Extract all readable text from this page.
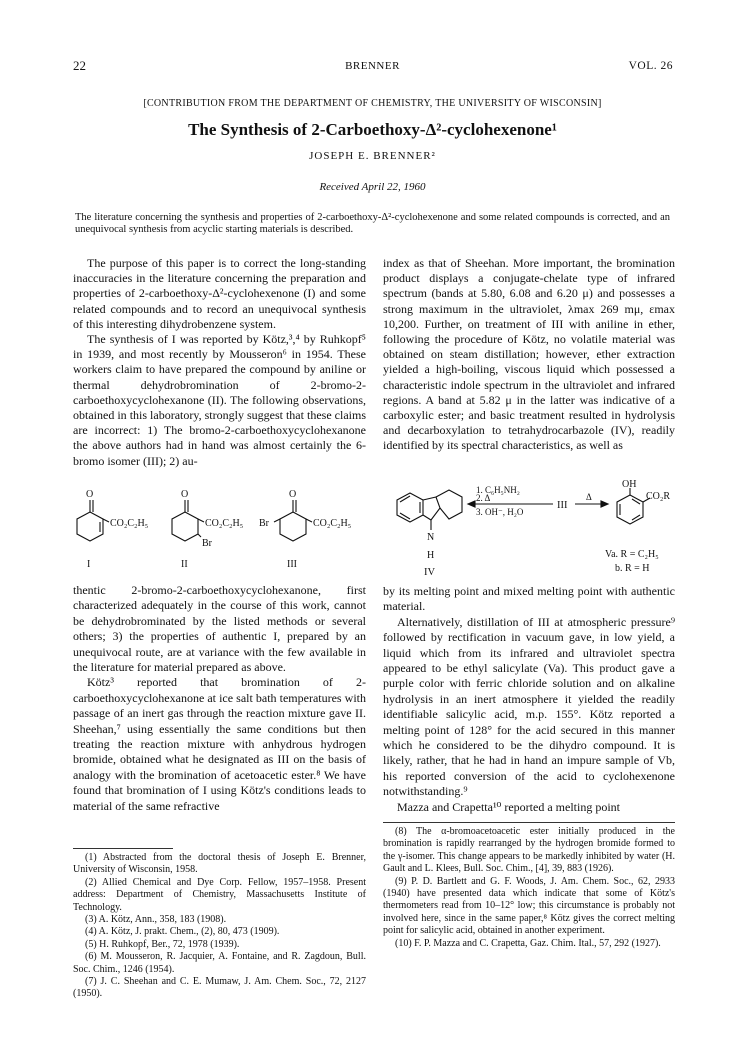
22	BRENNER	VOL. 26
[CONTRIBUTION FROM THE DEPARTMENT OF CHEMISTRY, THE UNIVERSITY OF WISCONSIN]
The Synthesis of 2-Carboethoxy-Δ²-cyclohexenone¹
JOSEPH E. BRENNER²
Received April 22, 1960
The literature concerning the synthesis and properties of 2-carboethoxy-Δ²-cyclohexenone and some related compounds is corrected, and an unequivocal synthesis from acyclic starting materials is described.

The purpose of this paper is to correct the long-standing inaccuracies in the literature concerning the preparation and properties of 2-carboethoxy-Δ²-cyclohexenone (I) and some related compounds and to record an unequivocal synthesis of this interesting dihydrobenzene system.

The synthesis of I was reported by Kötz,³,⁴ by Ruhkopf⁵ in 1939, and most recently by Mousseron⁶ in 1954. These workers claim to have prepared the compound by aniline or thermal dehydrobromination of 2-bromo-2-carboethoxycyclohexanone (II). The following observations, obtained in this laboratory, strongly suggest that these claims are incorrect: 1) The bromo-2-carboethoxycyclohexanone the above authors had in hand was almost certainly the 6-bromo isomer (III); 2) au-

O
CO₂C₂H₅
O
CO₂C₂H₅
Br
O
CO₂C₂H₅
Br
I	II	III

thentic 2-bromo-2-carboethoxycyclohexanone, first characterized adequately in the course of this work, cannot be dehydrobrominated by the listed methods or several others; 3) the properties of authentic I, prepared by an unequivocal route, are at variance with the few available in the literature for material prepared as above.

Kötz³ reported that bromination of 2-carboethoxycyclohexanone at ice salt bath temperatures with passage of an inert gas through the reaction mixture gave II. Sheehan,⁷ using essentially the same conditions but then treating the reaction mixture with anhydrous hydrogen bromide, obtained what he designated as III on the basis of analogy with the bromination of acetoacetic ester.⁸ We have found that bromination of I using Kötz's conditions leads to material of the same refractive

(1) Abstracted from the doctoral thesis of Joseph E. Brenner, University of Wisconsin, 1958.

(2) Allied Chemical and Dye Corp. Fellow, 1957–1958. Present address: Department of Chemistry, Massachusetts Institute of Technology.

(3) A. Kötz, Ann., 358, 183 (1908).

(4) A. Kötz, J. prakt. Chem., (2), 80, 473 (1909).

(5) H. Ruhkopf, Ber., 72, 1978 (1939).

(6) M. Mousseron, R. Jacquier, A. Fontaine, and R. Zagdoun, Bull. Soc. Chim., 1246 (1954).

(7) J. C. Sheehan and C. E. Mumaw, J. Am. Chem. Soc., 72, 2127 (1950).

index as that of Sheehan. More important, the bromination product displays a conjugate-chelate type of infrared spectrum (bands at 5.80, 6.08 and 6.20 μ) and possesses a strong maximum in the ultraviolet, λmax 269 mμ, εmax 10,200. Further, on treatment of III with aniline in ether, following the procedure of Kötz, no volatile material was obtained on steam distillation; however, ether extraction yielded a high-boiling, viscous liquid which possessed a characteristic indole spectrum in the ultraviolet and infrared regions. A band at 5.82 μ in the latter was indicative of a carboxylic ester; and basic treatment resulted in hydrolysis and decarboxylation to tetrahydrocarbazole (IV), readily identified by its spectral characteristics, as well as

1. C₆H₅NH₂
2. Δ
3. OH⁻, H₂O
III
Δ
N
H
IV
OH
CO₂R
Va. R = C₂H₅
b. R = H

by its melting point and mixed melting point with authentic material.

Alternatively, distillation of III at atmospheric pressure⁹ followed by rectification in vacuum gave, in low yield, a liquid which from its infrared and ultraviolet spectra appeared to be ethyl salicylate (Va). This product gave a purple color with ferric chloride solution and on alkaline hydrolysis in an inert atmosphere it yielded the readily identifiable salicylic acid, m.p. 155°. Kötz reported a melting point of 128° for the acid secured in this manner which he considered to be the dihydro compound. It is likely, rather, that he had in hand an impure sample of Vb, his reported conversion of the acid to cyclohexenone notwithstanding.⁹

Mazza and Crapetta¹⁰ reported a melting point

(8) The α-bromoacetoacetic ester initially produced in the bromination is rapidly rearranged by the hydrogen bromide formed to the γ-isomer. This change appears to be markedly inhibited by water (H. Gault and L. Klees, Bull. Soc. Chim., [4], 39, 883 (1926).

(9) P. D. Bartlett and G. F. Woods, J. Am. Chem. Soc., 62, 2933 (1940) have presented data which indicate that some of Kötz's thermometers read from 10–12° low; this circumstance is probably not involved here, since in the same paper,⁸ Kötz gives the correct melting point for salicylic acid, obtained in another experiment.

(10) F. P. Mazza and C. Crapetta, Gaz. Chim. Ital., 57, 292 (1927).
